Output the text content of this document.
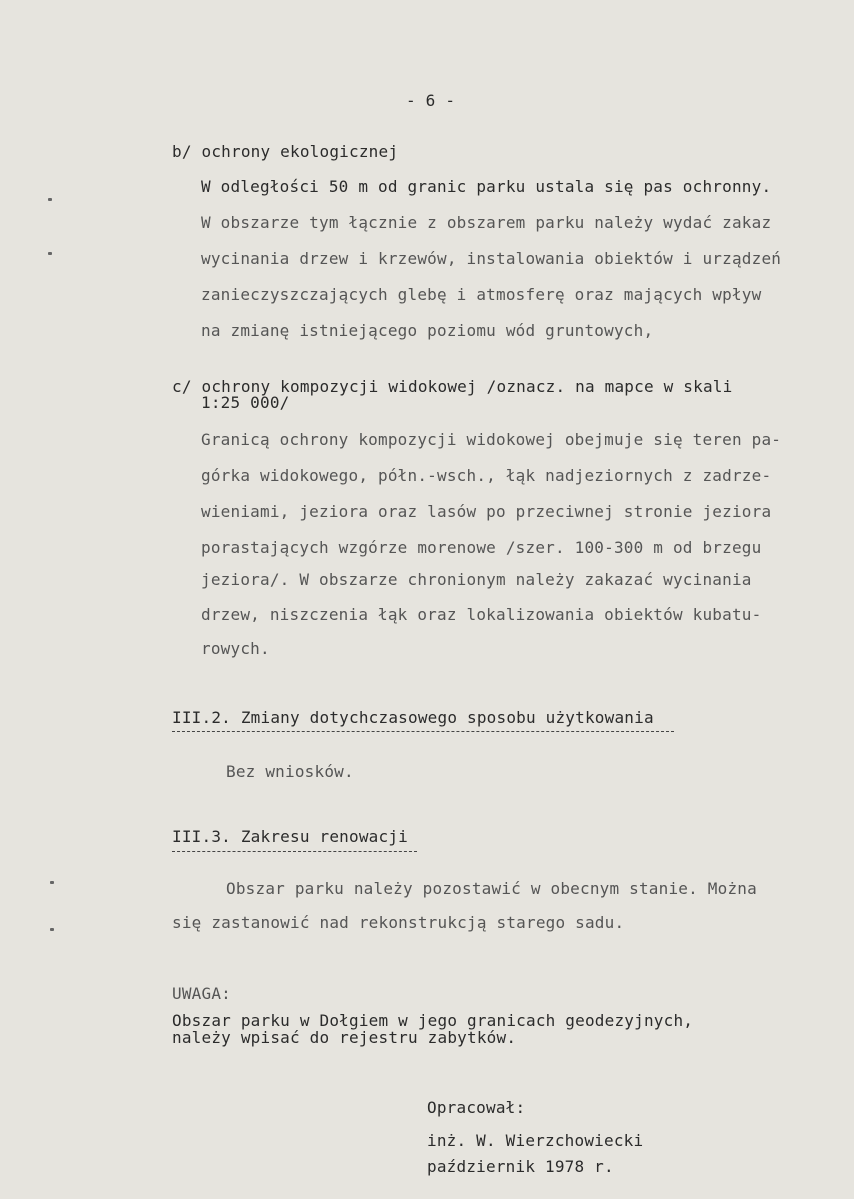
- 6 -
b/ ochrony ekologicznej
W odległości 50 m od granic parku ustala się pas ochronny.
W obszarze tym łącznie z obszarem parku należy wydać zakaz
wycinania drzew i krzewów, instalowania obiektów i urządzeń
zanieczyszczających glebę i atmosferę oraz mających wpływ
na zmianę istniejącego poziomu wód gruntowych,
c/ ochrony kompozycji widokowej /oznacz. na mapce w skali
1:25 000/
Granicą ochrony kompozycji widokowej obejmuje się teren pa-
górka widokowego, półn.-wsch., łąk nadjeziornych z zadrze-
wieniami, jeziora oraz lasów po przeciwnej stronie jeziora
porastających wzgórze morenowe /szer. 100-300 m od brzegu
jeziora/. W obszarze chronionym należy zakazać wycinania
drzew, niszczenia łąk oraz lokalizowania obiektów kubatu-
rowych.
III.2. Zmiany dotychczasowego sposobu użytkowania
Bez wniosków.
III.3. Zakresu renowacji
Obszar parku należy pozostawić w obecnym stanie. Można
się zastanowić nad rekonstrukcją starego sadu.
UWAGA:
Obszar parku w Dołgiem w jego granicach geodezyjnych,
należy wpisać do rejestru zabytków.
Opracował:
inż. W. Wierzchowiecki
październik 1978 r.
